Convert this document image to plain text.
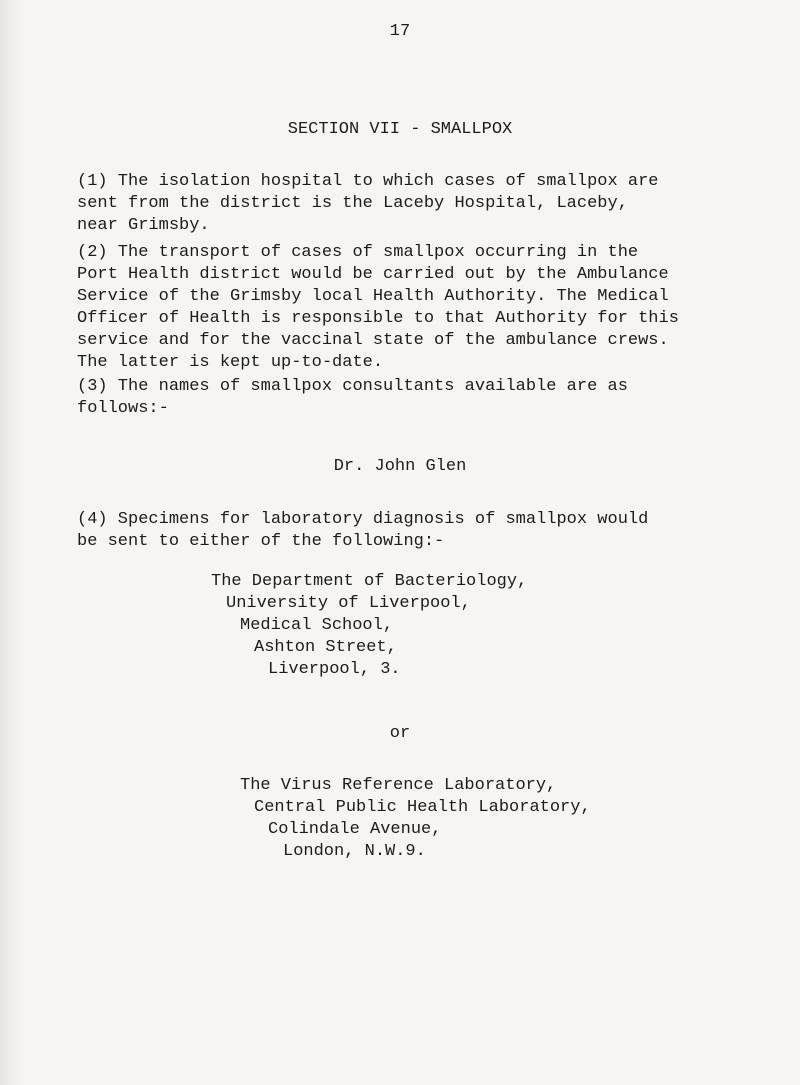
17

SECTION VII - SMALLPOX

(1) The isolation hospital to which cases of smallpox are
sent from the district is the Laceby Hospital, Laceby,
near Grimsby.

(2) The transport of cases of smallpox occurring in the
Port Health district would be carried out by the Ambulance
Service of the Grimsby local Health Authority. The Medical
Officer of Health is responsible to that Authority for this
service and for the vaccinal state of the ambulance crews.
The latter is kept up-to-date.

(3) The names of smallpox consultants available are as
follows:-

Dr. John Glen

(4) Specimens for laboratory diagnosis of smallpox would
be sent to either of the following:-

The Department of Bacteriology,
University of Liverpool,
Medical School,
Ashton Street,
Liverpool, 3.

or

The Virus Reference Laboratory,
Central Public Health Laboratory,
Colindale Avenue,
London, N.W.9.
